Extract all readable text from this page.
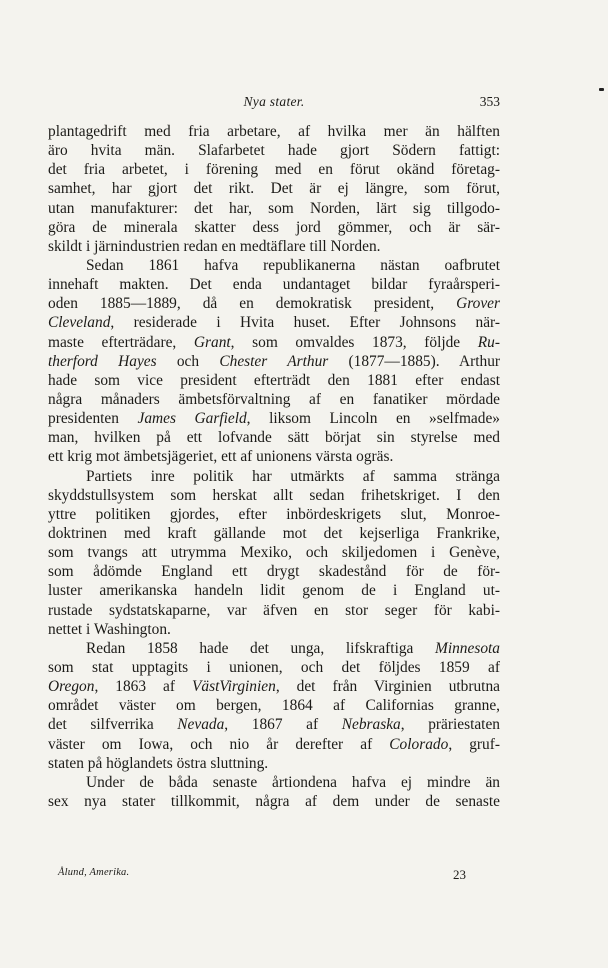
Nya stater.	353
plantagedrift med fria arbetare, af hvilka mer än hälften
äro hvita män. Slafarbetet hade gjort Södern fattigt:
det fria arbetet, i förening med en förut okänd företag-
samhet, har gjort det rikt. Det är ej längre, som förut,
utan manufakturer: det har, som Norden, lärt sig tillgodo-
göra de minerala skatter dess jord gömmer, och är sär-
skildt i järnindustrien redan en medtäflare till Norden.
Sedan 1861 hafva republikanerna nästan oafbrutet
innehaft makten. Det enda undantaget bildar fyraårsperi-
oden 1885—1889, då en demokratisk president, Grover
Cleveland, residerade i Hvita huset. Efter Johnsons när-
maste efterträdare, Grant, som omvaldes 1873, följde Ru-
therford Hayes och Chester Arthur (1877—1885). Arthur
hade som vice president efterträdt den 1881 efter endast
några månaders ämbetsförvaltning af en fanatiker mördade
presidenten James Garfield, liksom Lincoln en »selfmade»
man, hvilken på ett lofvande sätt börjat sin styrelse med
ett krig mot ämbetsjägeriet, ett af unionens värsta ogräs.
Partiets inre politik har utmärkts af samma stränga
skyddstullsystem som herskat allt sedan frihetskriget. I den
yttre politiken gjordes, efter inbördeskrigets slut, Monroe-
doktrinen med kraft gällande mot det kejserliga Frankrike,
som tvangs att utrymma Mexiko, och skiljedomen i Genève,
som ådömde England ett drygt skadestånd för de för-
luster amerikanska handeln lidit genom de i England ut-
rustade sydstatskaparne, var äfven en stor seger för kabi-
nettet i Washington.
Redan 1858 hade det unga, lifskraftiga Minnesota
som stat upptagits i unionen, och det följdes 1859 af
Oregon, 1863 af VästVirginien, det från Virginien utbrutna
området väster om bergen, 1864 af Californias granne,
det silfverrika Nevada, 1867 af Nebraska, präriestaten
väster om Iowa, och nio år derefter af Colorado, gruf-
staten på höglandets östra sluttning.
Under de båda senaste årtiondena hafva ej mindre än
sex nya stater tillkommit, några af dem under de senaste
Ålund, Amerika.	23
